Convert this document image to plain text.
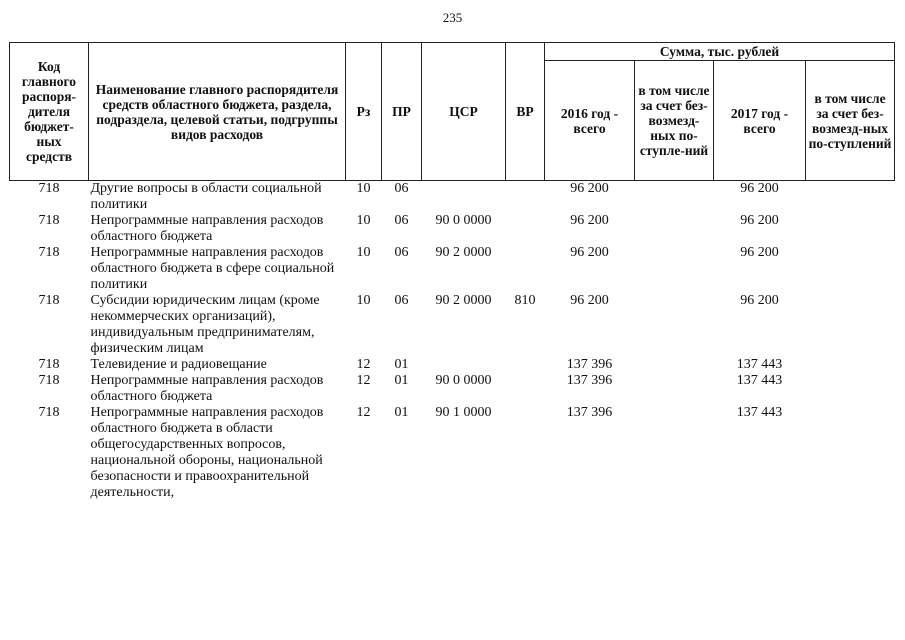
235
Код главного распоря-дителя бюджет-ных средств	Наименование главного распорядителя средств областного бюджета, раздела, подраздела, целевой статьи, подгруппы видов расходов	Рз	ПР	ЦСР	ВР	Сумма, тыс. рублей			
						2016 год - всего	в том числе за счет без-возмезд-ных по-ступле-ний	2017 год - всего	в том числе за счет без-возмезд-ных по-ступлений
718	Другие вопросы в области социальной политики	10	06			96 200		96 200	
718	Непрограммные направления расходов областного бюджета	10	06	90 0 0000		96 200		96 200	
718	Непрограммные направления расходов областного бюджета в сфере социальной политики	10	06	90 2 0000		96 200		96 200	
718	Субсидии юридическим лицам (кроме некоммерческих организаций), индивидуальным предпринимателям, физическим лицам	10	06	90 2 0000	810	96 200		96 200	
718	Телевидение и радиовещание	12	01			137 396		137 443	
718	Непрограммные направления расходов областного бюджета	12	01	90 0 0000		137 396		137 443	
718	Непрограммные направления расходов областного бюджета в области общегосударственных вопросов, национальной обороны, национальной безопасности и правоохранительной деятельности,	12	01	90 1 0000		137 396		137 443	
